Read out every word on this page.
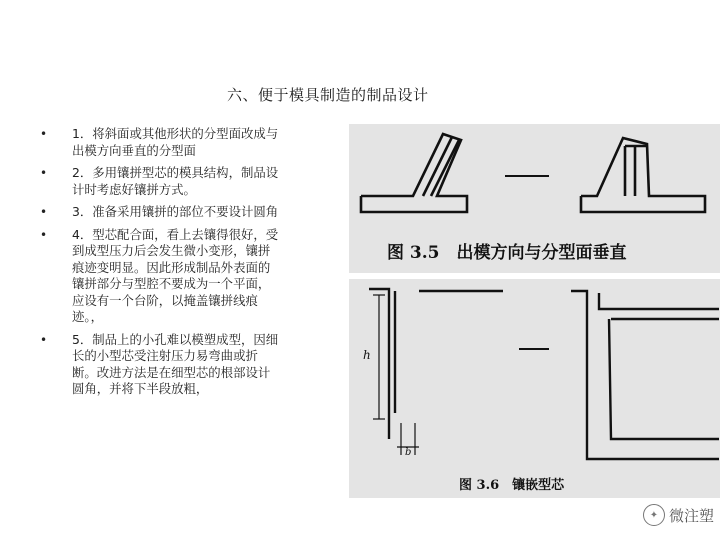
六、便于模具制造的制品设计
• 1．将斜面或其他形状的分型面改成与出模方向垂直的分型面
• 2．多用镶拼型芯的模具结构，制品设计时考虑好镶拼方式。
• 3．准备采用镶拼的部位不要设计圆角
• 4．型芯配合面，看上去镶得很好，受到成型压力后会发生微小变形，镶拼痕迹变明显。因此形成制品外表面的镶拼部分与型腔不要成为一个平面，应设有一个台阶，以掩盖镶拼线痕迹。，
• 5．制品上的小孔难以模塑成型，因细长的小型芯受注射压力易弯曲或折断。改进方法是在细型芯的根部设计圆角，并将下半段放粗，
图 3.5　出模方向与分型面垂直
h
b
图 3.6　镶嵌型芯
✦ 微注塑
